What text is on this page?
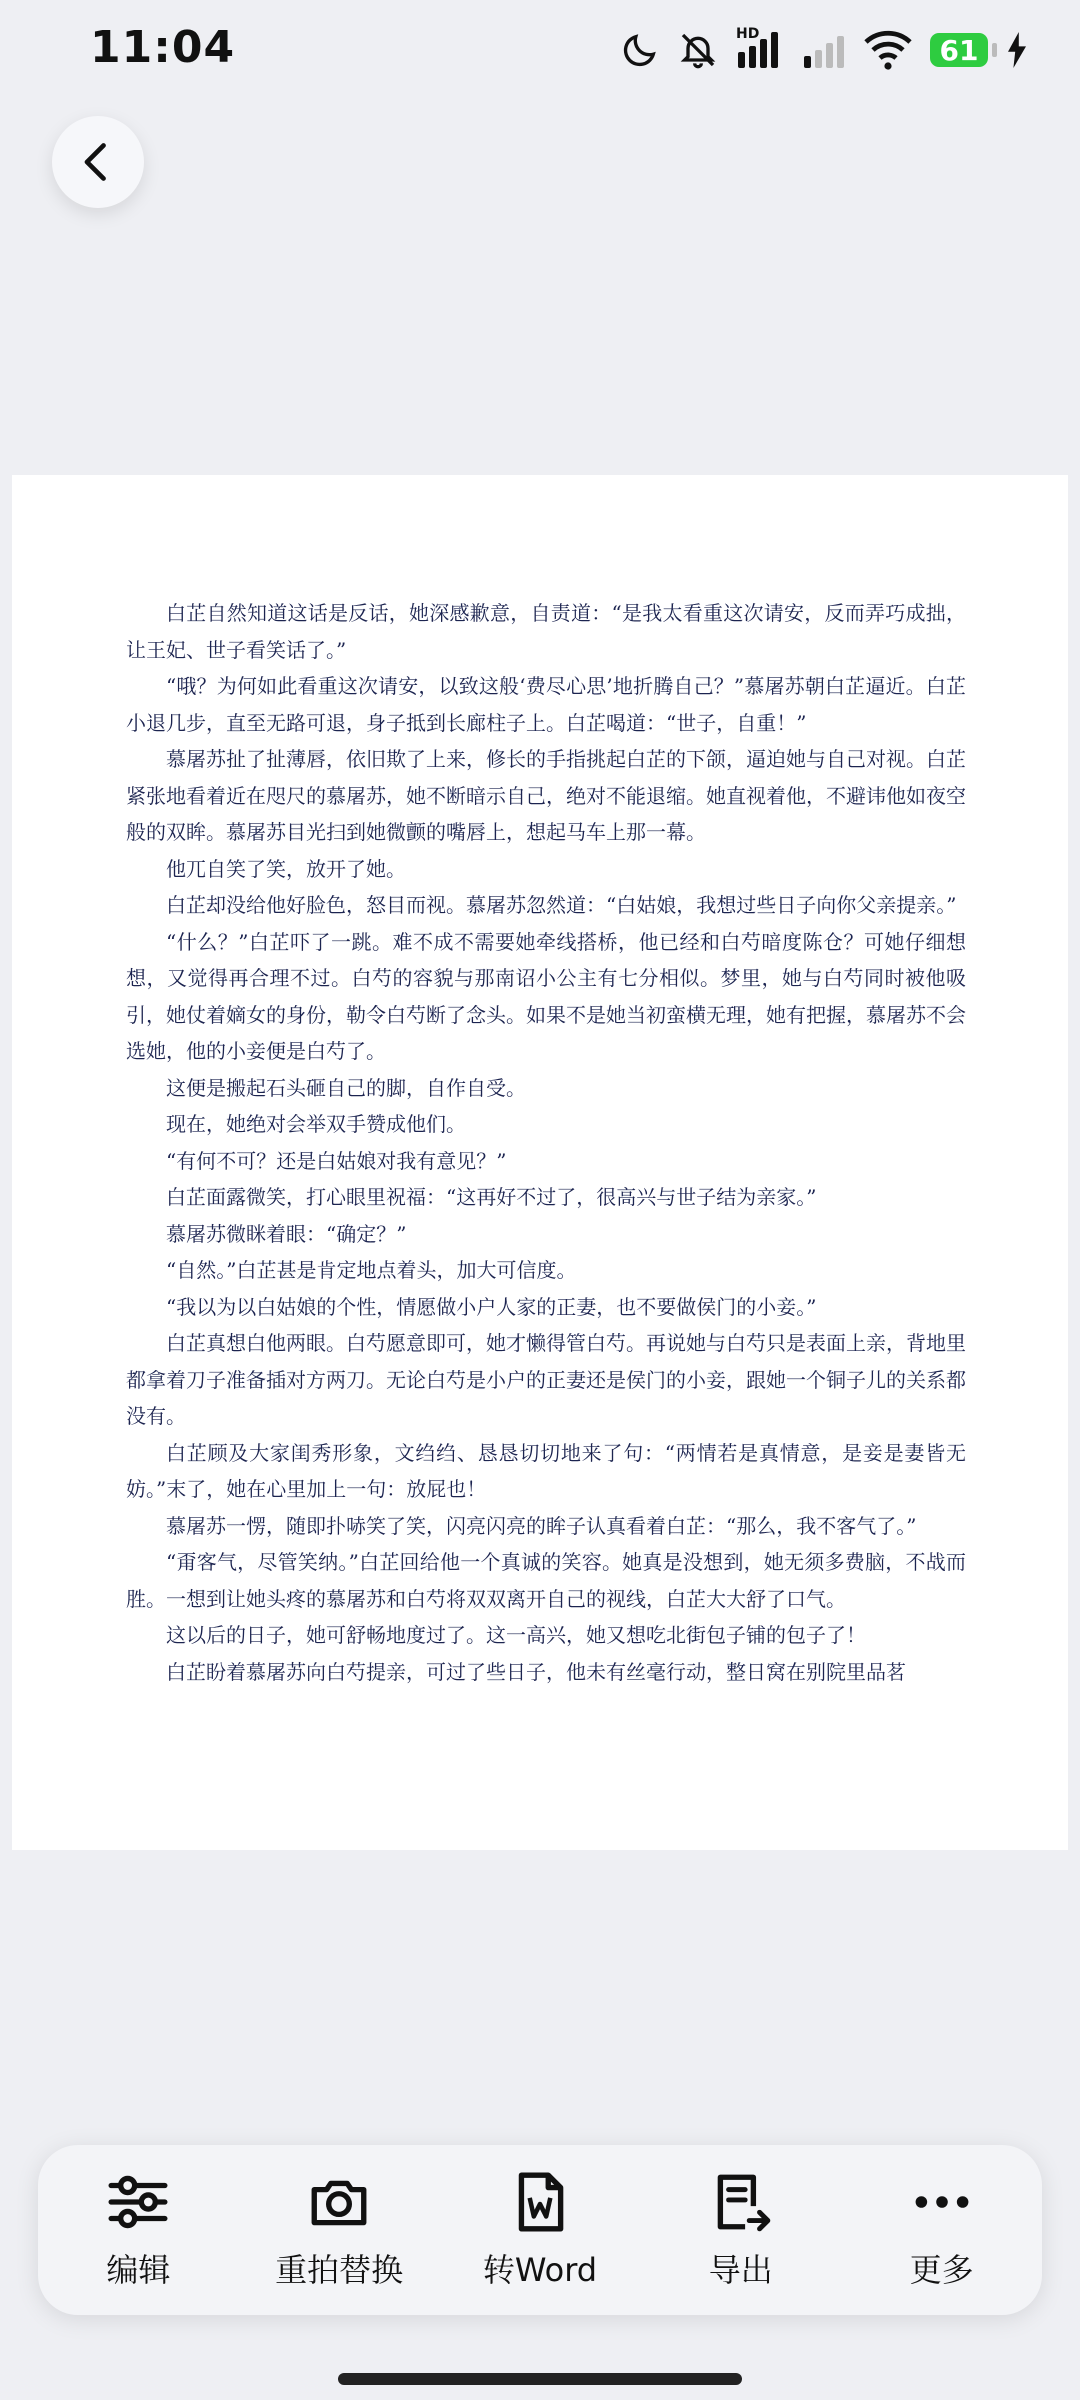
11:04	HD	61

白芷自然知道这话是反话，她深感歉意，自责道：“是我太看重这次请安，反而弄巧成拙，让王妃、世子看笑话了。”

“哦？为何如此看重这次请安，以致这般‘费尽心思’地折腾自己？”慕屠苏朝白芷逼近。白芷小退几步，直至无路可退，身子抵到长廊柱子上。白芷喝道：“世子，自重！”

慕屠苏扯了扯薄唇，依旧欺了上来，修长的手指挑起白芷的下颌，逼迫她与自己对视。白芷紧张地看着近在咫尺的慕屠苏，她不断暗示自己，绝对不能退缩。她直视着他，不避讳他如夜空般的双眸。慕屠苏目光扫到她微颤的嘴唇上，想起马车上那一幕。

他兀自笑了笑，放开了她。

白芷却没给他好脸色，怒目而视。慕屠苏忽然道：“白姑娘，我想过些日子向你父亲提亲。”

“什么？”白芷吓了一跳。难不成不需要她牵线搭桥，他已经和白芍暗度陈仓？可她仔细想想，又觉得再合理不过。白芍的容貌与那南诏小公主有七分相似。梦里，她与白芍同时被他吸引，她仗着嫡女的身份，勒令白芍断了念头。如果不是她当初蛮横无理，她有把握，慕屠苏不会选她，他的小妾便是白芍了。

这便是搬起石头砸自己的脚，自作自受。

现在，她绝对会举双手赞成他们。

“有何不可？还是白姑娘对我有意见？”

白芷面露微笑，打心眼里祝福：“这再好不过了，很高兴与世子结为亲家。”

慕屠苏微眯着眼：“确定？”

“自然。”白芷甚是肯定地点着头，加大可信度。

“我以为以白姑娘的个性，情愿做小户人家的正妻，也不要做侯门的小妾。”

白芷真想白他两眼。白芍愿意即可，她才懒得管白芍。再说她与白芍只是表面上亲，背地里都拿着刀子准备插对方两刀。无论白芍是小户的正妻还是侯门的小妾，跟她一个铜子儿的关系都没有。

白芷顾及大家闺秀形象，文绉绉、恳恳切切地来了句：“两情若是真情意，是妾是妻皆无妨。”末了，她在心里加上一句：放屁也！

慕屠苏一愣，随即扑哧笑了笑，闪亮闪亮的眸子认真看着白芷：“那么，我不客气了。”

“甭客气，尽管笑纳。”白芷回给他一个真诚的笑容。她真是没想到，她无须多费脑，不战而胜。一想到让她头疼的慕屠苏和白芍将双双离开自己的视线，白芷大大舒了口气。

这以后的日子，她可舒畅地度过了。这一高兴，她又想吃北街包子铺的包子了！

白芷盼着慕屠苏向白芍提亲，可过了些日子，他未有丝毫行动，整日窝在别院里品茗

编辑	重拍替换 转Word	导出	更多
